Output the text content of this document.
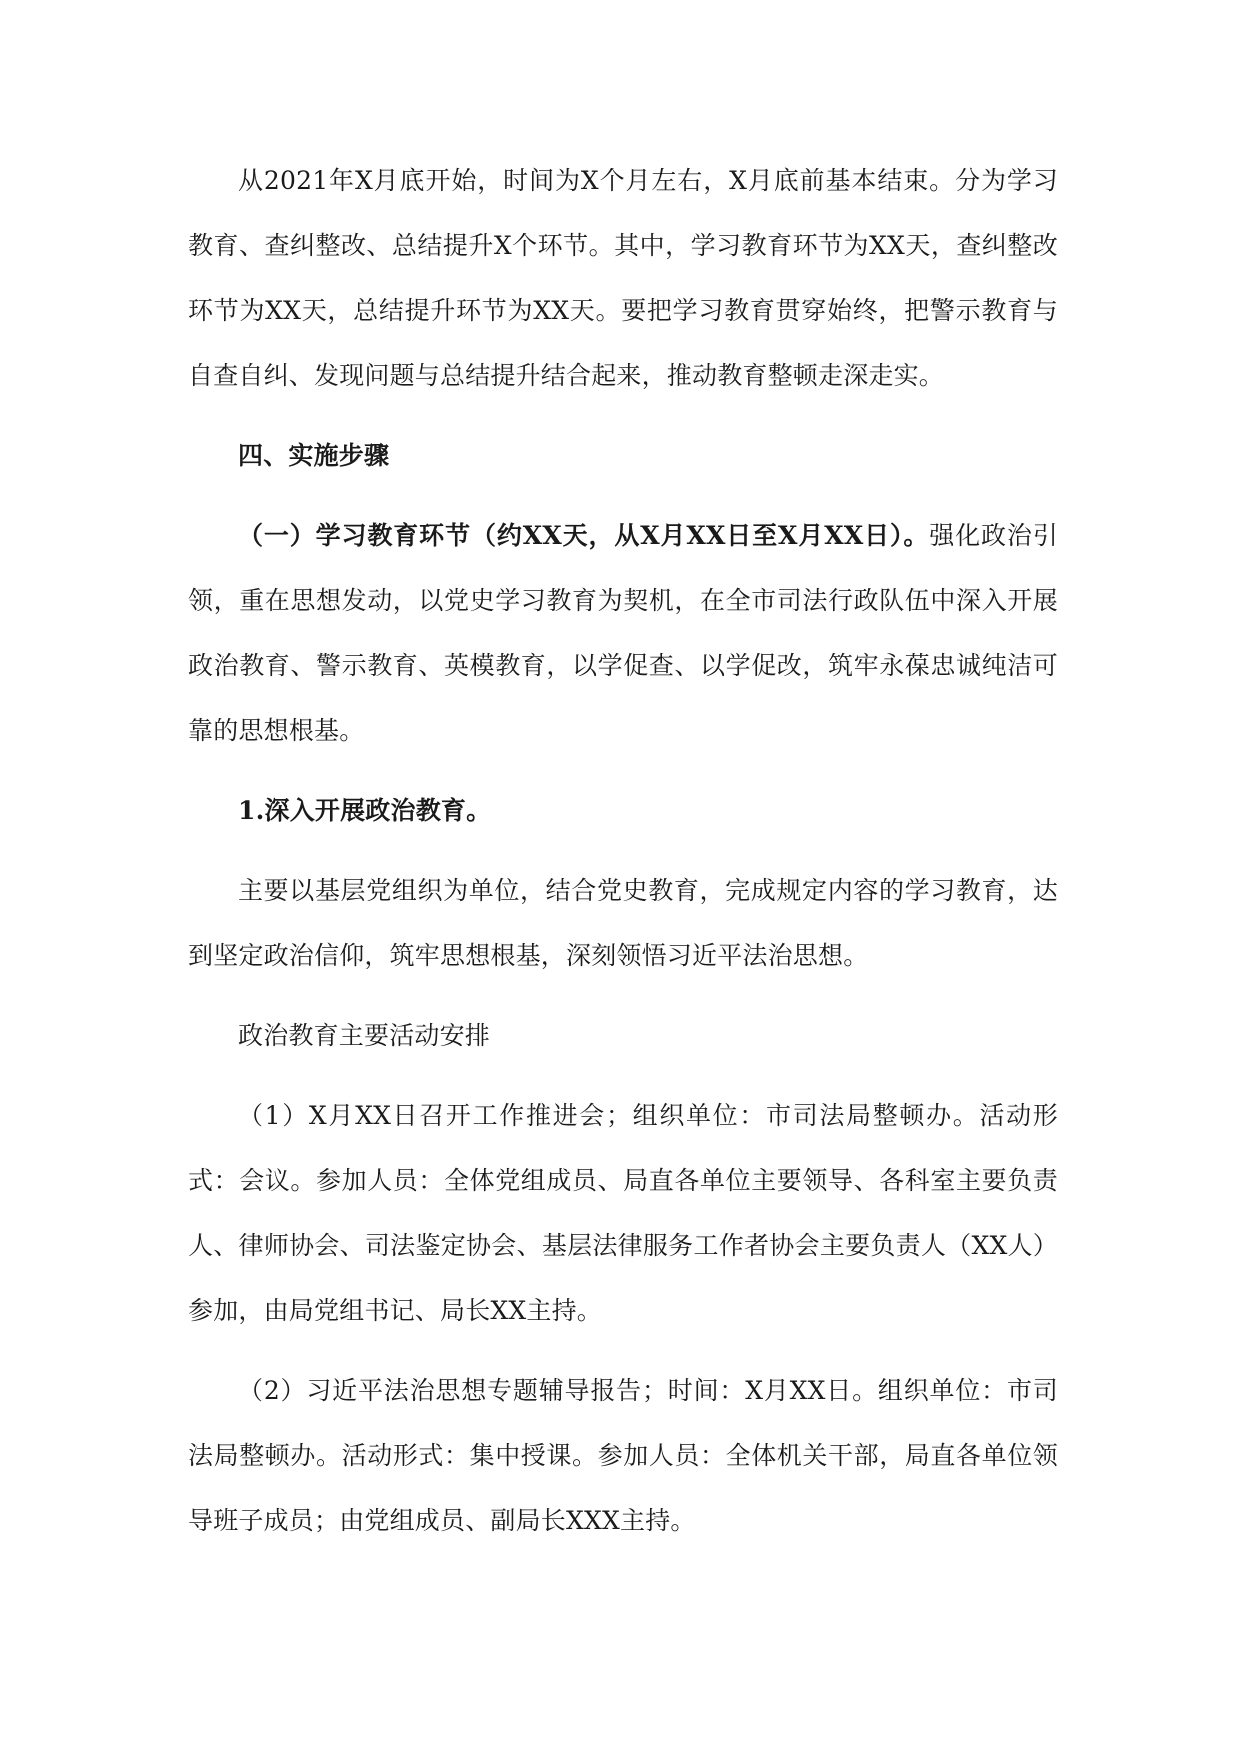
从2021年X月底开始，时间为X个月左右，X月底前基本结束。分为学习教育、查纠整改、总结提升X个环节。其中，学习教育环节为XX天，查纠整改环节为XX天，总结提升环节为XX天。要把学习教育贯穿始终，把警示教育与自查自纠、发现问题与总结提升结合起来，推动教育整顿走深走实。

四、实施步骤

（一）学习教育环节（约XX天，从X月XX日至X月XX日）。强化政治引领，重在思想发动，以党史学习教育为契机，在全市司法行政队伍中深入开展政治教育、警示教育、英模教育，以学促查、以学促改，筑牢永葆忠诚纯洁可靠的思想根基。

1.深入开展政治教育。

主要以基层党组织为单位，结合党史教育，完成规定内容的学习教育，达到坚定政治信仰，筑牢思想根基，深刻领悟习近平法治思想。

政治教育主要活动安排

（1）X月XX日召开工作推进会；组织单位：市司法局整顿办。活动形式：会议。参加人员：全体党组成员、局直各单位主要领导、各科室主要负责人、律师协会、司法鉴定协会、基层法律服务工作者协会主要负责人（XX人）参加，由局党组书记、局长XX主持。

（2）习近平法治思想专题辅导报告；时间：X月XX日。组织单位：市司法局整顿办。活动形式：集中授课。参加人员：全体机关干部，局直各单位领导班子成员；由党组成员、副局长XXX主持。
